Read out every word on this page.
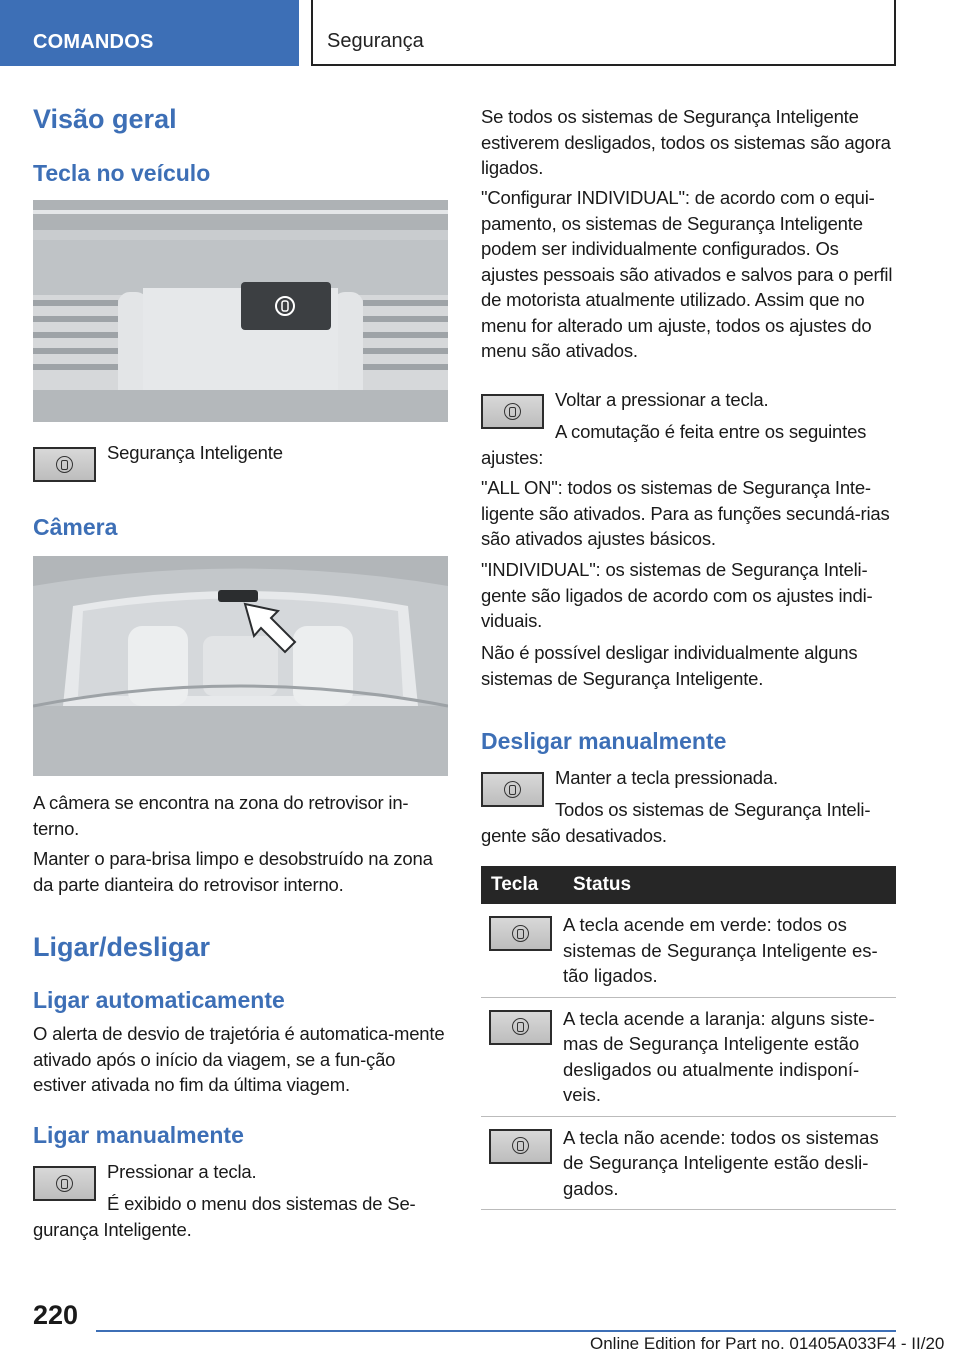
COMANDOS	Segurança
Visão geral
Tecla no veículo

Segurança Inteligente

Câmera

A câmera se encontra na zona do retrovisor in-terno.

Manter o para-brisa limpo e desobstruído na zona da parte dianteira do retrovisor interno.

Ligar/desligar
Ligar automaticamente

O alerta de desvio de trajetória é automatica-mente ativado após o início da viagem, se a fun-ção estiver ativada no fim da última viagem.

Ligar manualmente

Pressionar a tecla.

É exibido o menu dos sistemas de Se-

gurança Inteligente.

Se todos os sistemas de Segurança Inteligente estiverem desligados, todos os sistemas são agora ligados.

"Configurar INDIVIDUAL": de acordo com o equi-pamento, os sistemas de Segurança Inteligente podem ser individualmente configurados. Os ajustes pessoais são ativados e salvos para o perfil de motorista atualmente utilizado. Assim que no menu for alterado um ajuste, todos os ajustes do menu são ativados.

Voltar a pressionar a tecla.

A comutação é feita entre os seguintes

ajustes:

"ALL ON": todos os sistemas de Segurança Inte-ligente são ativados. Para as funções secundá-rias são ativados ajustes básicos.

"INDIVIDUAL": os sistemas de Segurança Inteli-gente são ligados de acordo com os ajustes indi-viduais.

Não é possível desligar individualmente alguns sistemas de Segurança Inteligente.

Desligar manualmente

Manter a tecla pressionada.

Todos os sistemas de Segurança Inteli-

gente são desativados.

Tecla	Status

	A tecla acende em verde: todos os sistemas de Segurança Inteligente es-tão ligados.

	A tecla acende a laranja: alguns siste-mas de Segurança Inteligente estão desligados ou atualmente indisponí-veis.

	A tecla não acende: todos os sistemas de Segurança Inteligente estão desli-gados.
220
Online Edition for Part no. 01405A033F4 - II/20
